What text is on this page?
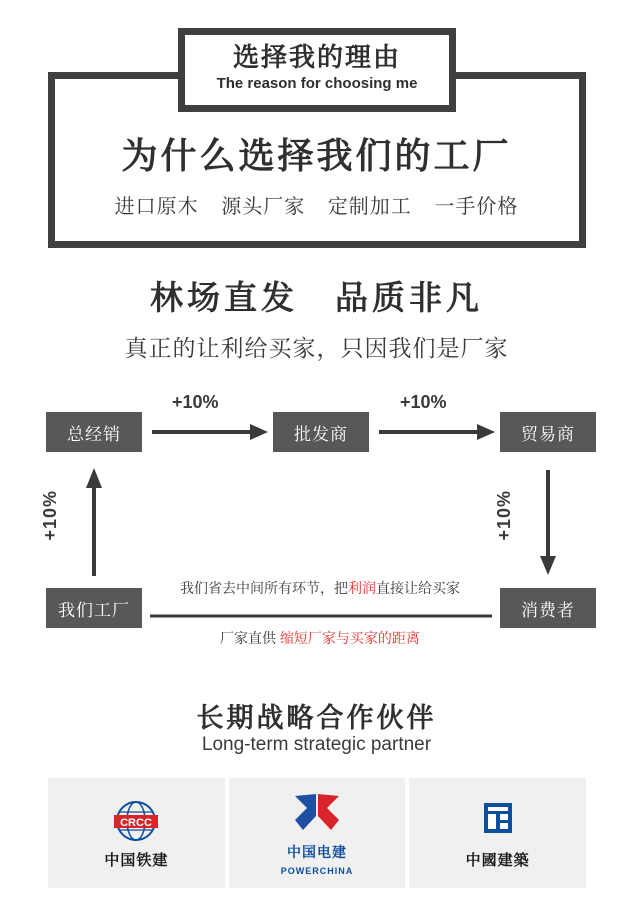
选择我的理由
The reason for choosing me
为什么选择我们的工厂
进口原木 源头厂家 定制加工 一手价格
林场直发　品质非凡
真正的让利给买家，只因我们是厂家
总经销	批发商	贸易商
我们工厂	消费者
+10%	+10%
+10%	+10%
我们省去中间所有环节，把利润直接让给买家
厂家直供 缩短厂家与买家的距离
长期战略合作伙伴
Long-term strategic partner
CRCC
中国铁建	中国电建
POWERCHINA
中國建築
